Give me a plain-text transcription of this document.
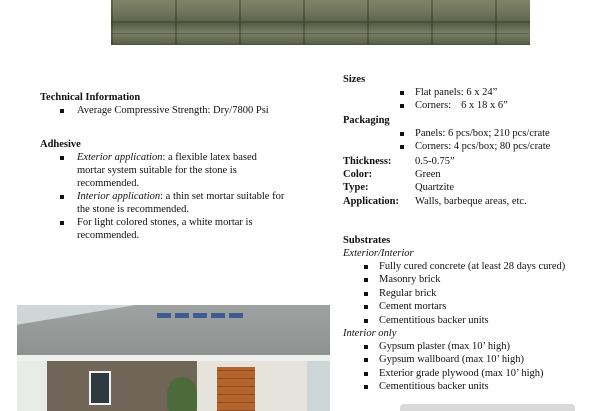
Technical Information
Average Compressive Strength: Dry/7800 Psi
Adhesive
Exterior application: a flexible latex based mortar system suitable for the stone is recommended.
Interior application: a thin set mortar suitable for the stone is recommended.
For light colored stones, a white mortar is recommended.
Sizes
Flat panels: 6 x 24”
Corners: 6 x 18 x 6”
Packaging
Panels: 6 pcs/box; 210 pcs/crate
Corners: 4 pcs/box; 80 pcs/crate
Thickness:	0.5-0.75”
Color:	Green
Type:	Quartzite
Application:	Walls, barbeque areas, etc.
Substrates
Exterior/Interior
Fully cured concrete (at least 28 days cured)
Masonry brick
Regular brick
Cement mortars
Cementitious backer units
Interior only
Gypsum plaster (max 10’ high)
Gypsum wallboard (max 10’ high)
Exterior grade plywood (max 10’ high)
Cementitious backer units
